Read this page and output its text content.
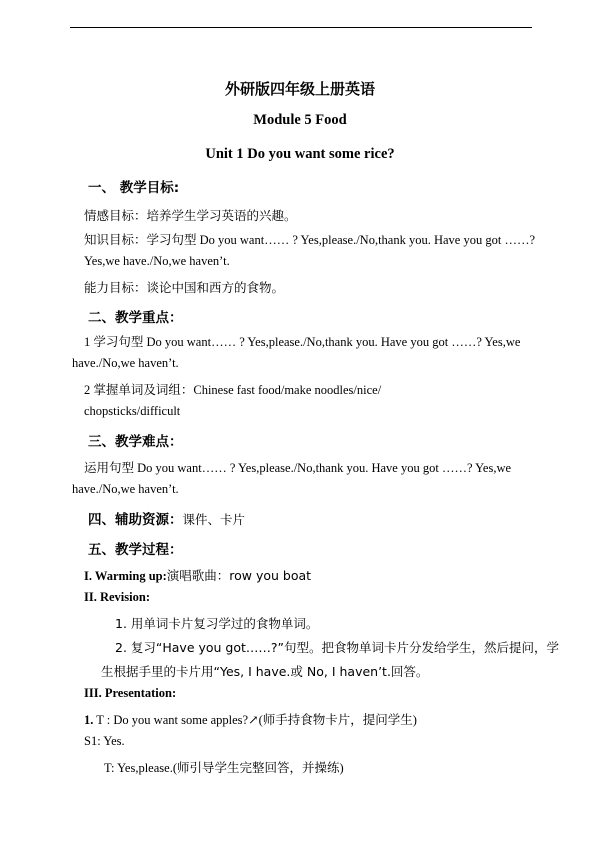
外研版四年级上册英语
Module 5 Food
Unit 1 Do you want some rice?
一、 教学目标:
情感目标：培养学生学习英语的兴趣。
知识目标：学习句型 Do you want…… ? Yes,please./No,thank you. Have you got ……?
Yes,we have./No,we haven’t.
能力目标：谈论中国和西方的食物。
二、教学重点：
1 学习句型 Do you want…… ? Yes,please./No,thank you. Have you got ……? Yes,we
have./No,we haven’t.
2 掌握单词及词组：Chinese fast food/make noodles/nice/
chopsticks/difficult
三、教学难点：
运用句型 Do you want…… ? Yes,please./No,thank you. Have you got ……? Yes,we
have./No,we haven’t.
四、辅助资源：课件、卡片
五、教学过程：
I. Warming up:演唱歌曲：row you boat
II. Revision:
1. 用单词卡片复习学过的食物单词。
2. 复习“Have you got……?”句型。把食物单词卡片分发给学生，然后提问，学
生根据手里的卡片用“Yes, I have.或 No, I haven’t.回答。
III. Presentation:
1. T : Do you want some apples?↗(师手持食物卡片，提问学生)
S1: Yes.
T: Yes,please.(师引导学生完整回答，并操练)
